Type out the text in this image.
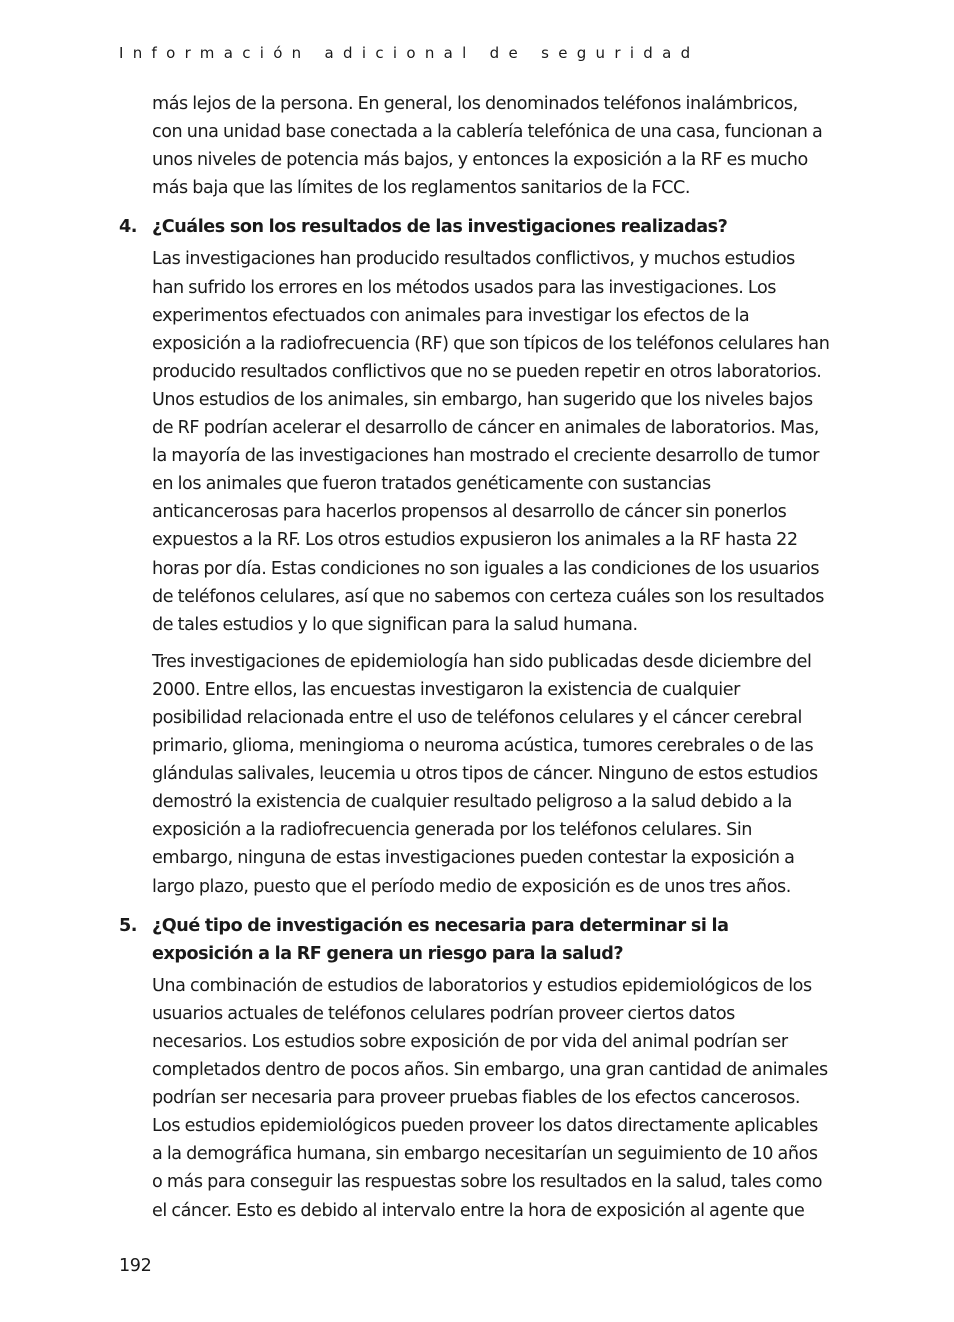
Información adicional de seguridad

más lejos de la persona. En general, los denominados teléfonos inalámbricos, con una unidad base conectada a la cablería telefónica de una casa, funcionan a unos niveles de potencia más bajos, y entonces la exposición a la RF es mucho más baja que las límites de los reglamentos sanitarios de la FCC.

4. ¿Cuáles son los resultados de las investigaciones realizadas?

Las investigaciones han producido resultados conflictivos, y muchos estudios han sufrido los errores en los métodos usados para las investigaciones. Los experimentos efectuados con animales para investigar los efectos de la exposición a la radiofrecuencia (RF) que son típicos de los teléfonos celulares han producido resultados conflictivos que no se pueden repetir en otros laboratorios. Unos estudios de los animales, sin embargo, han sugerido que los niveles bajos de RF podrían acelerar el desarrollo de cáncer en animales de laboratorios. Mas, la mayoría de las investigaciones han mostrado el creciente desarrollo de tumor en los animales que fueron tratados genéticamente con sustancias anticancerosas para hacerlos propensos al desarrollo de cáncer sin ponerlos expuestos a la RF. Los otros estudios expusieron los animales a la RF hasta 22 horas por día. Estas condiciones no son iguales a las condiciones de los usuarios de teléfonos celulares, así que no sabemos con certeza cuáles son los resultados de tales estudios y lo que significan para la salud humana.

Tres investigaciones de epidemiología han sido publicadas desde diciembre del 2000. Entre ellos, las encuestas investigaron la existencia de cualquier posibilidad relacionada entre el uso de teléfonos celulares y el cáncer cerebral primario, glioma, meningioma o neuroma acústica, tumores cerebrales o de las glándulas salivales, leucemia u otros tipos de cáncer. Ninguno de estos estudios demostró la existencia de cualquier resultado peligroso a la salud debido a la exposición a la radiofrecuencia generada por los teléfonos celulares. Sin embargo, ninguna de estas investigaciones pueden contestar la exposición a largo plazo, puesto que el período medio de exposición es de unos tres años.

5. ¿Qué tipo de investigación es necesaria para determinar si la exposición a la RF genera un riesgo para la salud?

Una combinación de estudios de laboratorios y estudios epidemiológicos de los usuarios actuales de teléfonos celulares podrían proveer ciertos datos necesarios. Los estudios sobre exposición de por vida del animal podrían ser completados dentro de pocos años. Sin embargo, una gran cantidad de animales podrían ser necesaria para proveer pruebas fiables de los efectos cancerosos. Los estudios epidemiológicos pueden proveer los datos directamente aplicables a la demográfica humana, sin embargo necesitarían un seguimiento de 10 años o más para conseguir las respuestas sobre los resultados en la salud, tales como el cáncer. Esto es debido al intervalo entre la hora de exposición al agente que

192
